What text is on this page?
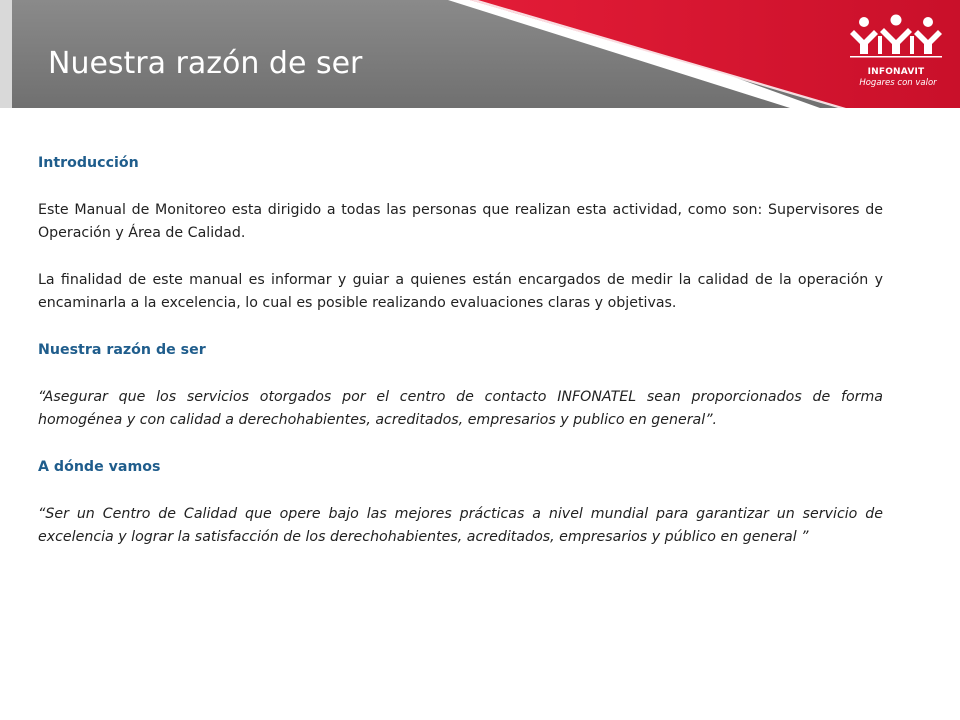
Nuestra razón de ser	INFONAVIT
Hogares con valor

Introducción

Este Manual de Monitoreo esta dirigido a todas las personas que realizan esta actividad, como son: Supervisores de Operación y Área de Calidad.

La finalidad de este manual es informar y guiar a quienes están encargados de medir la calidad de la operación y encaminarla a la excelencia, lo cual es posible realizando evaluaciones claras y objetivas.

Nuestra razón de ser

“Asegurar que los servicios otorgados por el centro de contacto INFONATEL sean proporcionados de forma homogénea y con calidad a derechohabientes, acreditados, empresarios y publico en general”.

A dónde vamos

“Ser un Centro de Calidad que opere bajo las mejores prácticas a nivel mundial para garantizar un servicio de excelencia y lograr la satisfacción de los derechohabientes, acreditados, empresarios y público en general ”
